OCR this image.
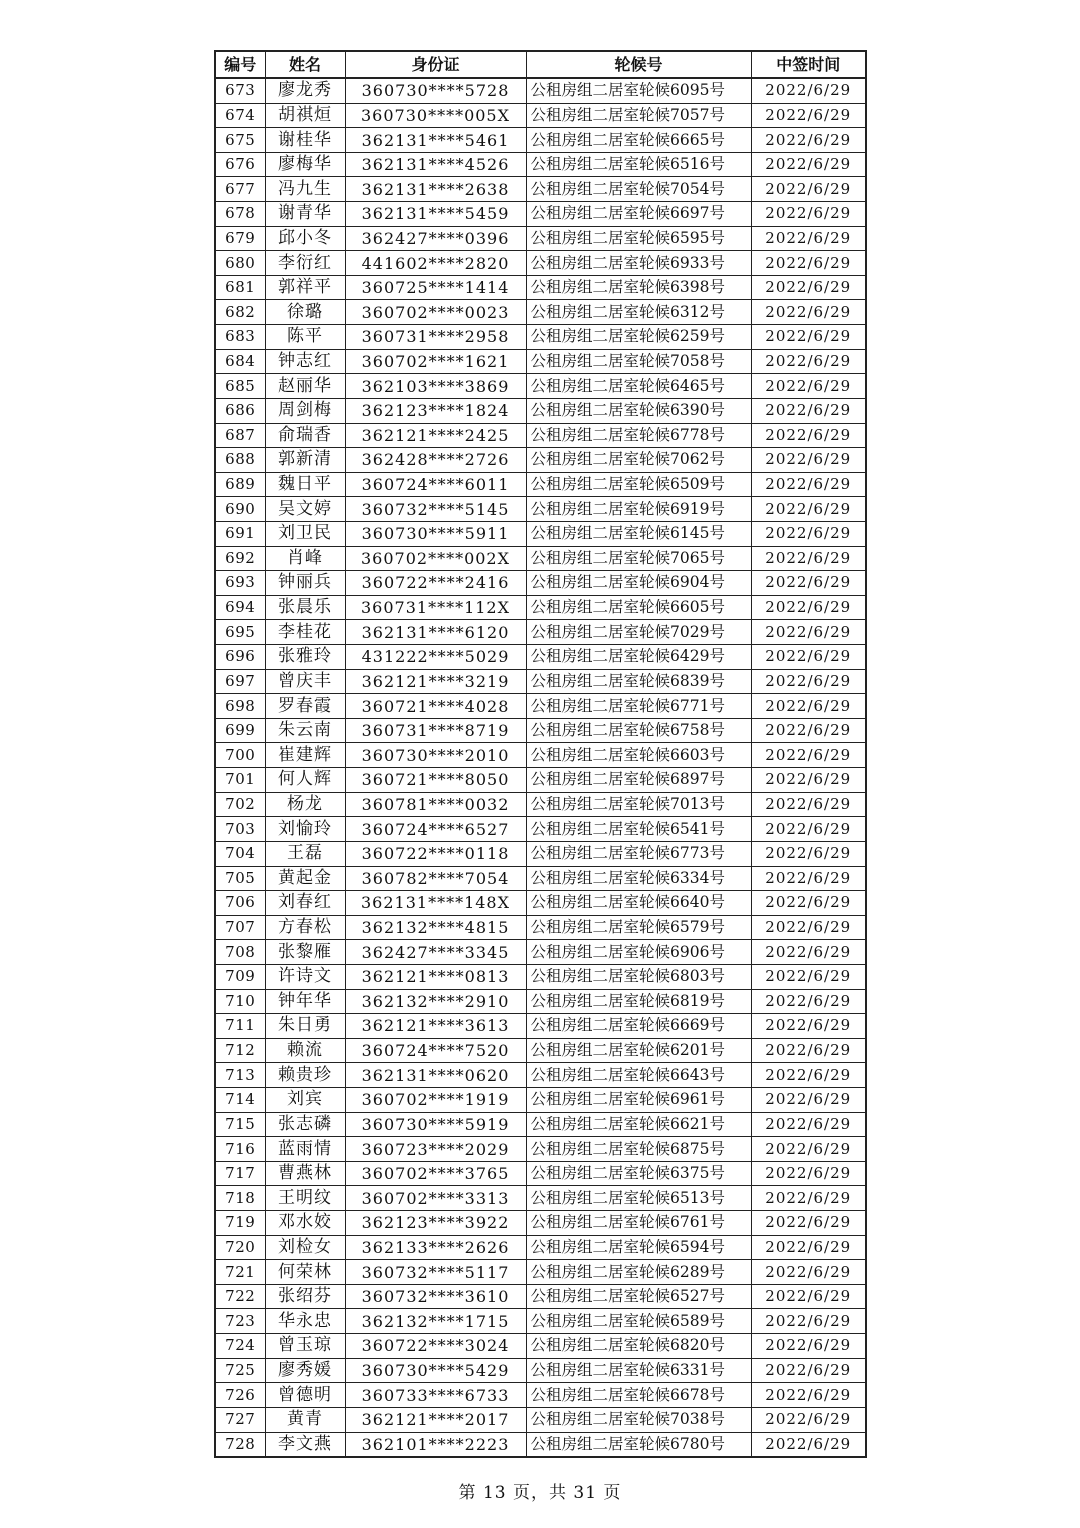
编号	姓名	身份证	轮候号	中签时间
673	廖龙秀	360730****5728	公租房组二居室轮候6095号	2022/6/29
674	胡祺烜	360730****005X	公租房组二居室轮候7057号	2022/6/29
675	谢桂华	362131****5461	公租房组二居室轮候6665号	2022/6/29
676	廖梅华	362131****4526	公租房组二居室轮候6516号	2022/6/29
677	冯九生	362131****2638	公租房组二居室轮候7054号	2022/6/29
678	谢青华	362131****5459	公租房组二居室轮候6697号	2022/6/29
679	邱小冬	362427****0396	公租房组二居室轮候6595号	2022/6/29
680	李衍红	441602****2820	公租房组二居室轮候6933号	2022/6/29
681	郭祥平	360725****1414	公租房组二居室轮候6398号	2022/6/29
682	徐璐	360702****0023	公租房组二居室轮候6312号	2022/6/29
683	陈平	360731****2958	公租房组二居室轮候6259号	2022/6/29
684	钟志红	360702****1621	公租房组二居室轮候7058号	2022/6/29
685	赵丽华	362103****3869	公租房组二居室轮候6465号	2022/6/29
686	周剑梅	362123****1824	公租房组二居室轮候6390号	2022/6/29
687	俞瑞香	362121****2425	公租房组二居室轮候6778号	2022/6/29
688	郭新清	362428****2726	公租房组二居室轮候7062号	2022/6/29
689	魏日平	360724****6011	公租房组二居室轮候6509号	2022/6/29
690	吴文婷	360732****5145	公租房组二居室轮候6919号	2022/6/29
691	刘卫民	360730****5911	公租房组二居室轮候6145号	2022/6/29
692	肖峰	360702****002X	公租房组二居室轮候7065号	2022/6/29
693	钟丽兵	360722****2416	公租房组二居室轮候6904号	2022/6/29
694	张晨乐	360731****112X	公租房组二居室轮候6605号	2022/6/29
695	李桂花	362131****6120	公租房组二居室轮候7029号	2022/6/29
696	张雅玲	431222****5029	公租房组二居室轮候6429号	2022/6/29
697	曾庆丰	362121****3219	公租房组二居室轮候6839号	2022/6/29
698	罗春霞	360721****4028	公租房组二居室轮候6771号	2022/6/29
699	朱云南	360731****8719	公租房组二居室轮候6758号	2022/6/29
700	崔建辉	360730****2010	公租房组二居室轮候6603号	2022/6/29
701	何人辉	360721****8050	公租房组二居室轮候6897号	2022/6/29
702	杨龙	360781****0032	公租房组二居室轮候7013号	2022/6/29
703	刘愉玲	360724****6527	公租房组二居室轮候6541号	2022/6/29
704	王磊	360722****0118	公租房组二居室轮候6773号	2022/6/29
705	黄起金	360782****7054	公租房组二居室轮候6334号	2022/6/29
706	刘春红	362131****148X	公租房组二居室轮候6640号	2022/6/29
707	方春松	362132****4815	公租房组二居室轮候6579号	2022/6/29
708	张黎雁	362427****3345	公租房组二居室轮候6906号	2022/6/29
709	许诗文	362121****0813	公租房组二居室轮候6803号	2022/6/29
710	钟年华	362132****2910	公租房组二居室轮候6819号	2022/6/29
711	朱日勇	362121****3613	公租房组二居室轮候6669号	2022/6/29
712	赖流	360724****7520	公租房组二居室轮候6201号	2022/6/29
713	赖贵珍	362131****0620	公租房组二居室轮候6643号	2022/6/29
714	刘宾	360702****1919	公租房组二居室轮候6961号	2022/6/29
715	张志磷	360730****5919	公租房组二居室轮候6621号	2022/6/29
716	蓝雨情	360723****2029	公租房组二居室轮候6875号	2022/6/29
717	曹燕林	360702****3765	公租房组二居室轮候6375号	2022/6/29
718	王明纹	360702****3313	公租房组二居室轮候6513号	2022/6/29
719	邓水姣	362123****3922	公租房组二居室轮候6761号	2022/6/29
720	刘检女	362133****2626	公租房组二居室轮候6594号	2022/6/29
721	何荣林	360732****5117	公租房组二居室轮候6289号	2022/6/29
722	张绍芬	360732****3610	公租房组二居室轮候6527号	2022/6/29
723	华永忠	362132****1715	公租房组二居室轮候6589号	2022/6/29
724	曾玉琼	360722****3024	公租房组二居室轮候6820号	2022/6/29
725	廖秀媛	360730****5429	公租房组二居室轮候6331号	2022/6/29
726	曾德明	360733****6733	公租房组二居室轮候6678号	2022/6/29
727	黄青	362121****2017	公租房组二居室轮候7038号	2022/6/29
728	李文燕	362101****2223	公租房组二居室轮候6780号	2022/6/29
第 13 页，共 31 页
